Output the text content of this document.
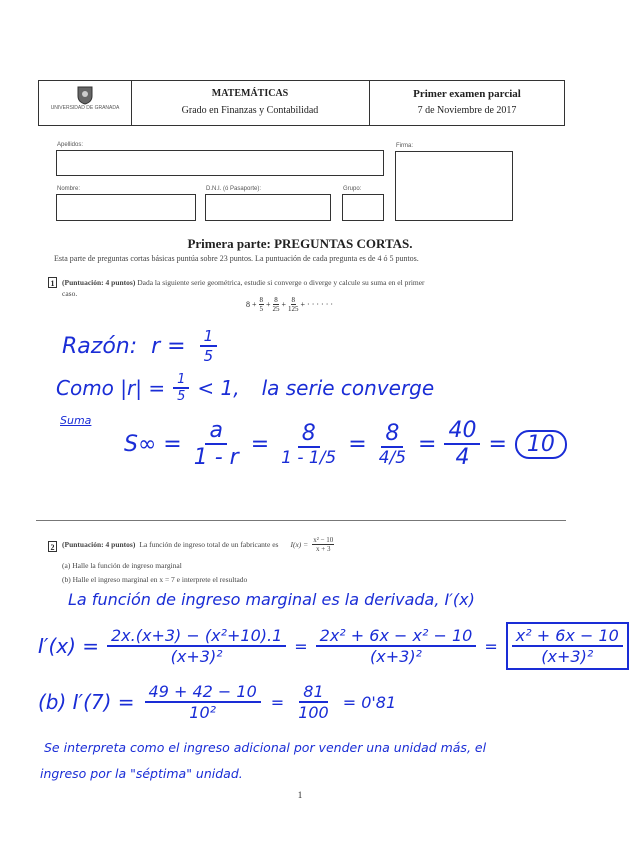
UNIVERSIDAD DE GRANADA
MATEMÁTICAS
Grado en Finanzas y Contabilidad
Primer examen parcial
7 de Noviembre de 2017
Apellidos:	Firma:
Nombre:	D.N.I. (ó Pasaporte):	Grupo:
Primera parte: PREGUNTAS CORTAS.
Esta parte de preguntas cortas básicas puntúa sobre 23 puntos. La puntuación de cada pregunta es de 4 ó 5 puntos.
1	(Puntuación: 4 puntos) Dada la siguiente serie geométrica, estudie si converge o diverge y calcule su suma en el primer
caso.
$8 + \frac{8}{5} + \frac{8}{25} + \frac{8}{125}$ + · · · · · ·
Razón: $r = \frac{1}{5}$
Como $|r| = \frac{1}{5} < 1$, la serie converge
Suma
$S\infty = \frac{a}{1 - r} = \frac{8}{1 - 1/5} = \frac{8}{4/5} = \frac{40}{4} = 10$
2	(Puntuación: 4 puntos) La función de ingreso total de un fabricante es $I(x) = \frac{\text{x² − 10}}{x + 3}$
(a) Halle la función de ingreso marginal
(b) Halle el ingreso marginal en x = 7 e interprete el resultado
La función de ingreso marginal es la derivada, I′(x)
$I'(x) = \frac{\text{2x.(x+3) − (x²+10).1}}{\text{(x+3)²}} = \frac{\text{2x² + 6x − x² − 10}}{\text{(x+3)²}} = \frac{\text{x² + 6x − 10}}{\text{(x+3)²}}$
(b) $I'(7) = \frac{49 + 42 - 10}{\text{10²}} = \frac{81}{100} = 0'81$
Se interpreta como el ingreso adicional por vender una unidad más, el
ingreso por la "séptima" unidad.
1
